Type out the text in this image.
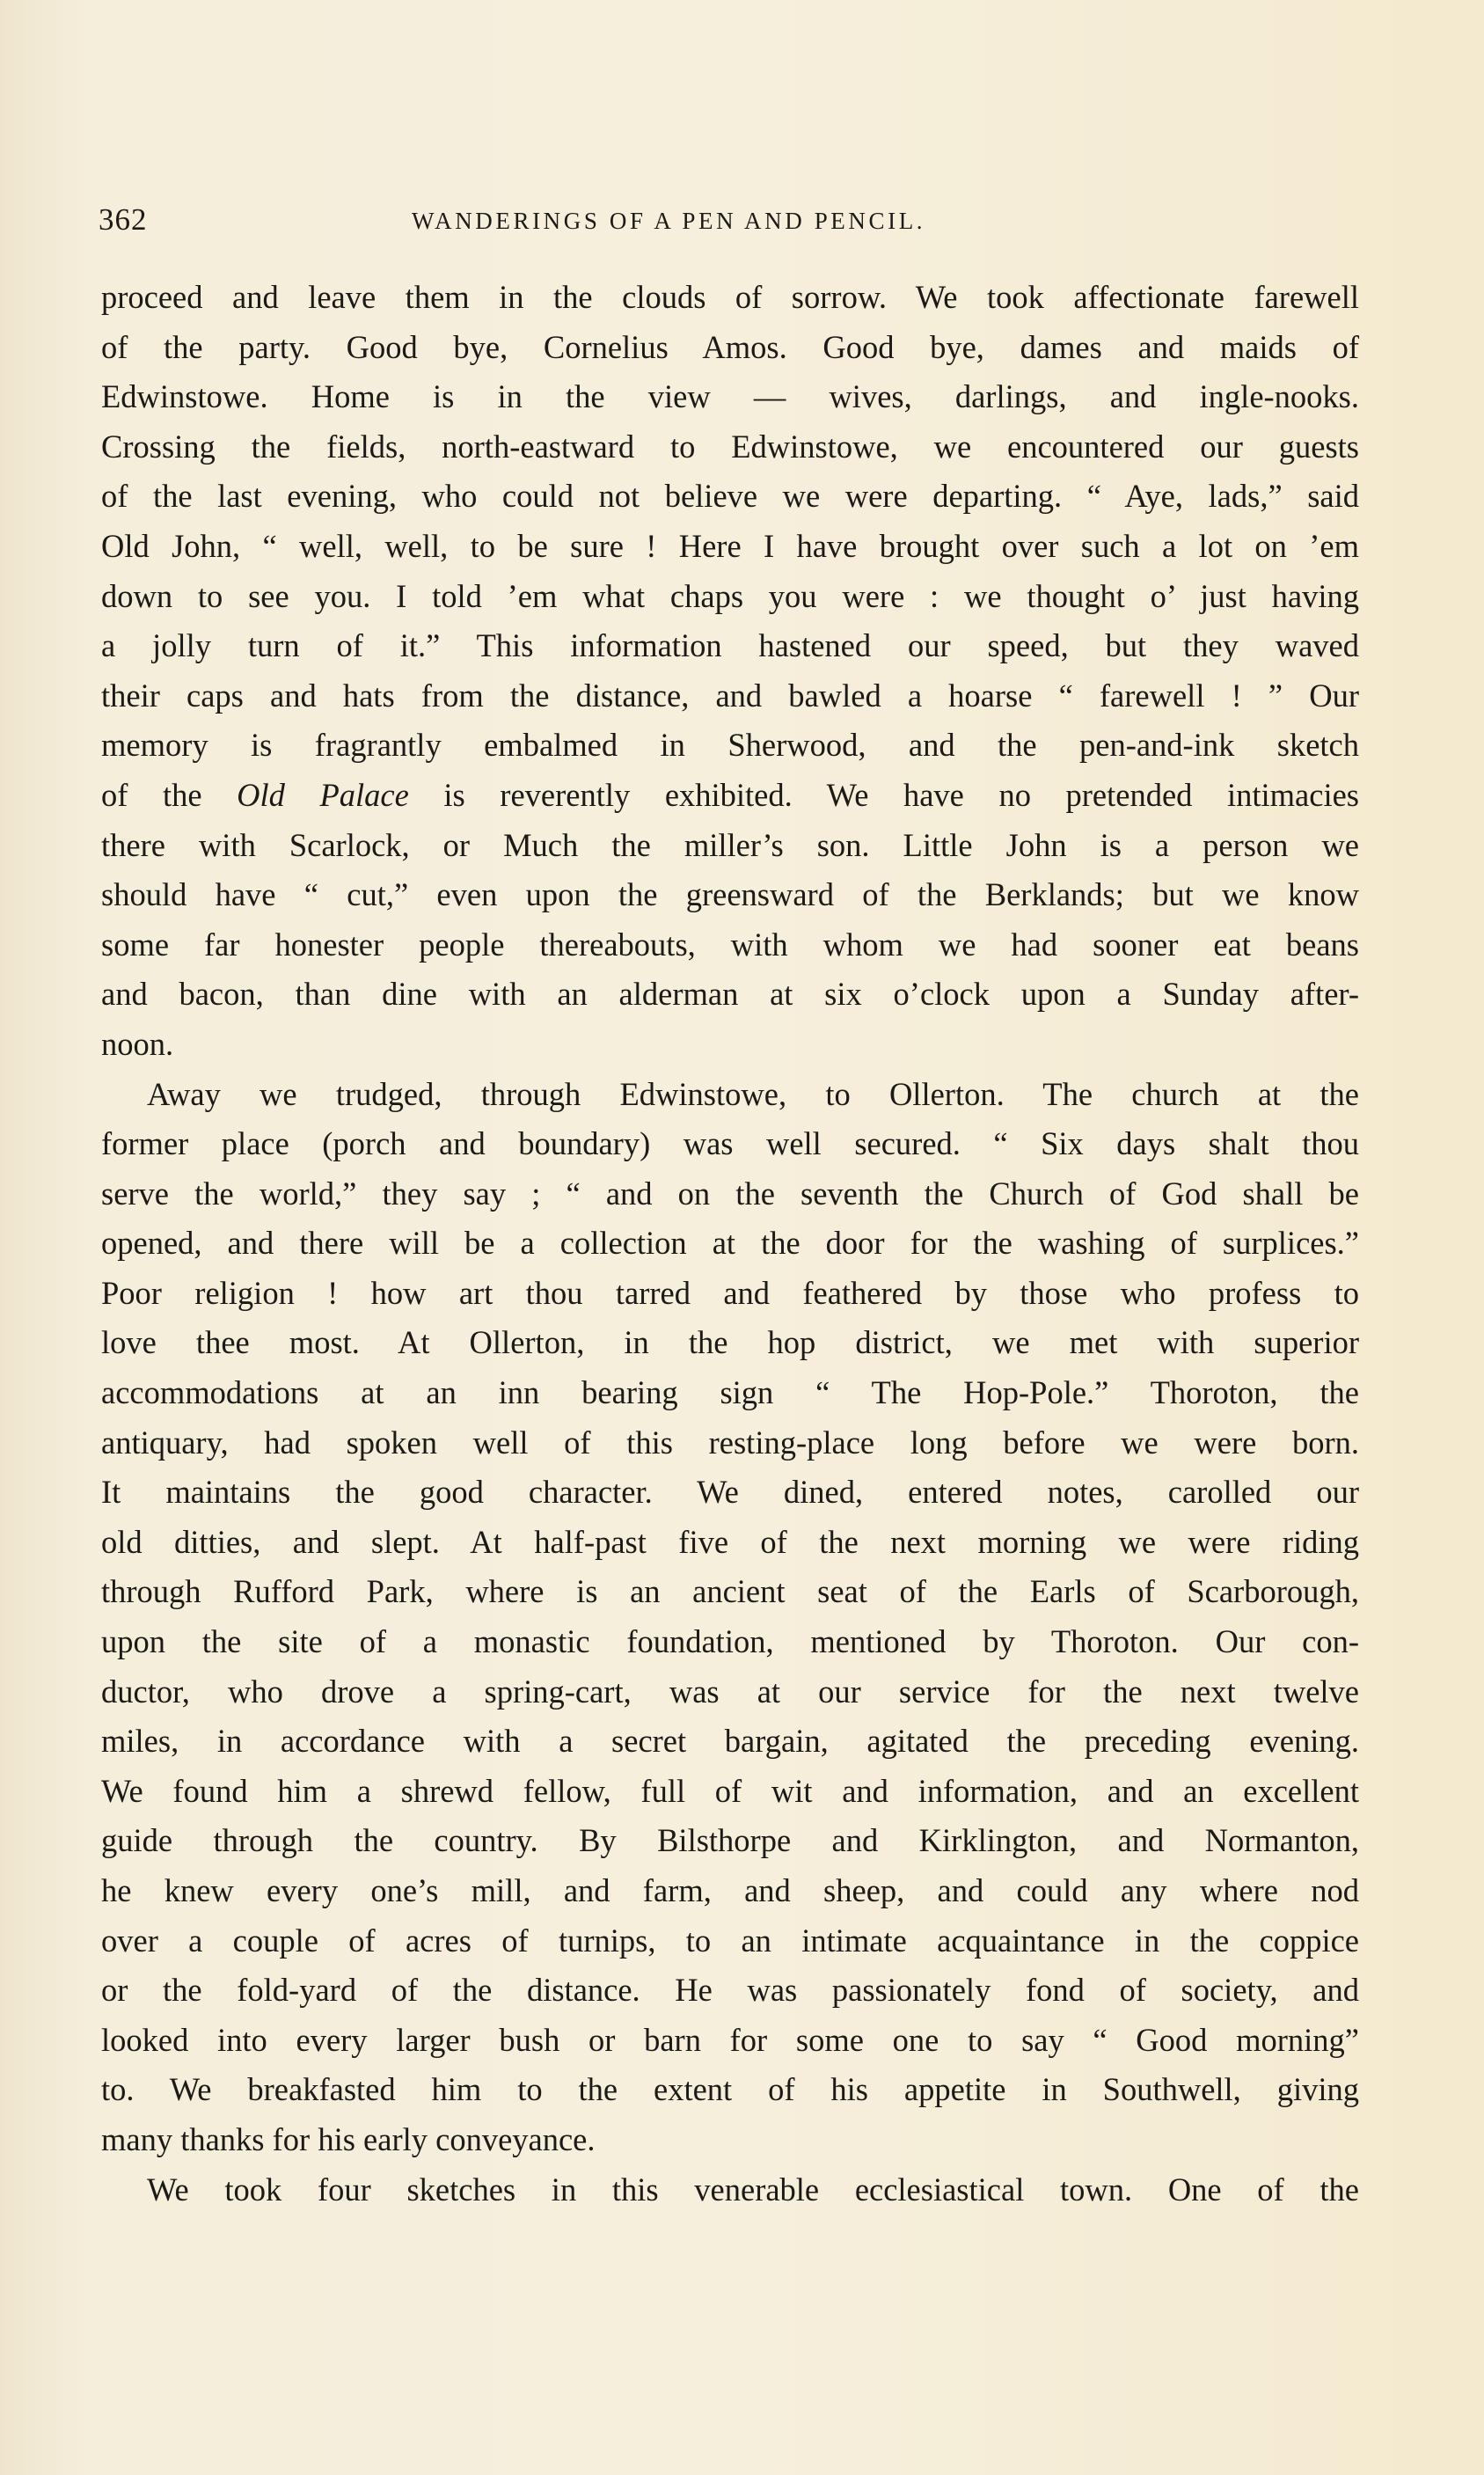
362	WANDERINGS OF A PEN AND PENCIL.
proceed and leave them in the clouds of sorrow. We took affectionate farewell
of the party. Good bye, Cornelius Amos. Good bye, dames and maids of
Edwinstowe. Home is in the view — wives, darlings, and ingle-nooks.
Crossing the fields, north-eastward to Edwinstowe, we encountered our guests
of the last evening, who could not believe we were departing. “ Aye, lads,” said
Old John, “ well, well, to be sure ! Here I have brought over such a lot on ’em
down to see you. I told ’em what chaps you were : we thought o’ just having
a jolly turn of it.” This information hastened our speed, but they waved
their caps and hats from the distance, and bawled a hoarse “ farewell ! ” Our
memory is fragrantly embalmed in Sherwood, and the pen-and-ink sketch
of the Old Palace is reverently exhibited. We have no pretended intimacies
there with Scarlock, or Much the miller’s son. Little John is a person we
should have “ cut,” even upon the greensward of the Berklands; but we know
some far honester people thereabouts, with whom we had sooner eat beans
and bacon, than dine with an alderman at six o’clock upon a Sunday after-
noon.
Away we trudged, through Edwinstowe, to Ollerton. The church at the
former place (porch and boundary) was well secured. “ Six days shalt thou
serve the world,” they say ; “ and on the seventh the Church of God shall be
opened, and there will be a collection at the door for the washing of surplices.”
Poor religion ! how art thou tarred and feathered by those who profess to
love thee most. At Ollerton, in the hop district, we met with superior
accommodations at an inn bearing sign “ The Hop-Pole.” Thoroton, the
antiquary, had spoken well of this resting-place long before we were born.
It maintains the good character. We dined, entered notes, carolled our
old ditties, and slept. At half-past five of the next morning we were riding
through Rufford Park, where is an ancient seat of the Earls of Scarborough,
upon the site of a monastic foundation, mentioned by Thoroton. Our con-
ductor, who drove a spring-cart, was at our service for the next twelve
miles, in accordance with a secret bargain, agitated the preceding evening.
We found him a shrewd fellow, full of wit and information, and an excellent
guide through the country. By Bilsthorpe and Kirklington, and Normanton,
he knew every one’s mill, and farm, and sheep, and could any where nod
over a couple of acres of turnips, to an intimate acquaintance in the coppice
or the fold-yard of the distance. He was passionately fond of society, and
looked into every larger bush or barn for some one to say “ Good morning”
to. We breakfasted him to the extent of his appetite in Southwell, giving
many thanks for his early conveyance.
We took four sketches in this venerable ecclesiastical town. One of the
